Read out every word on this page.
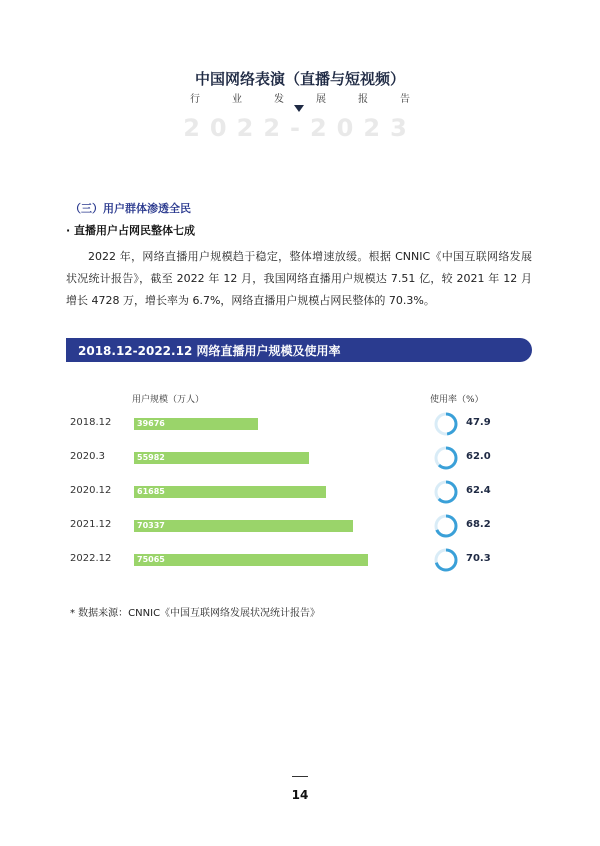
中国网络表演（直播与短视频）
行	业	发	展	报	告
2022-2023
（三）用户群体渗透全民
· 直播用户占网民整体七成
2022 年，网络直播用户规模趋于稳定，整体增速放缓。根据 CNNIC《中国互联网络发展状况统计报告》，截至 2022 年 12 月，我国网络直播用户规模达 7.51 亿，较 2021 年 12 月增长 4728 万，增长率为 6.7%，网络直播用户规模占网民整体的 70.3%。
2018.12-2022.12 网络直播用户规模及使用率
用户规模（万人）	使用率（%）
2018.12	39676	47.9
2020.3	55982	62.0
2020.12	61685	62.4
2021.12	70337	68.2
2022.12	75065	70.3
* 数据来源：CNNIC《中国互联网络发展状况统计报告》
14
